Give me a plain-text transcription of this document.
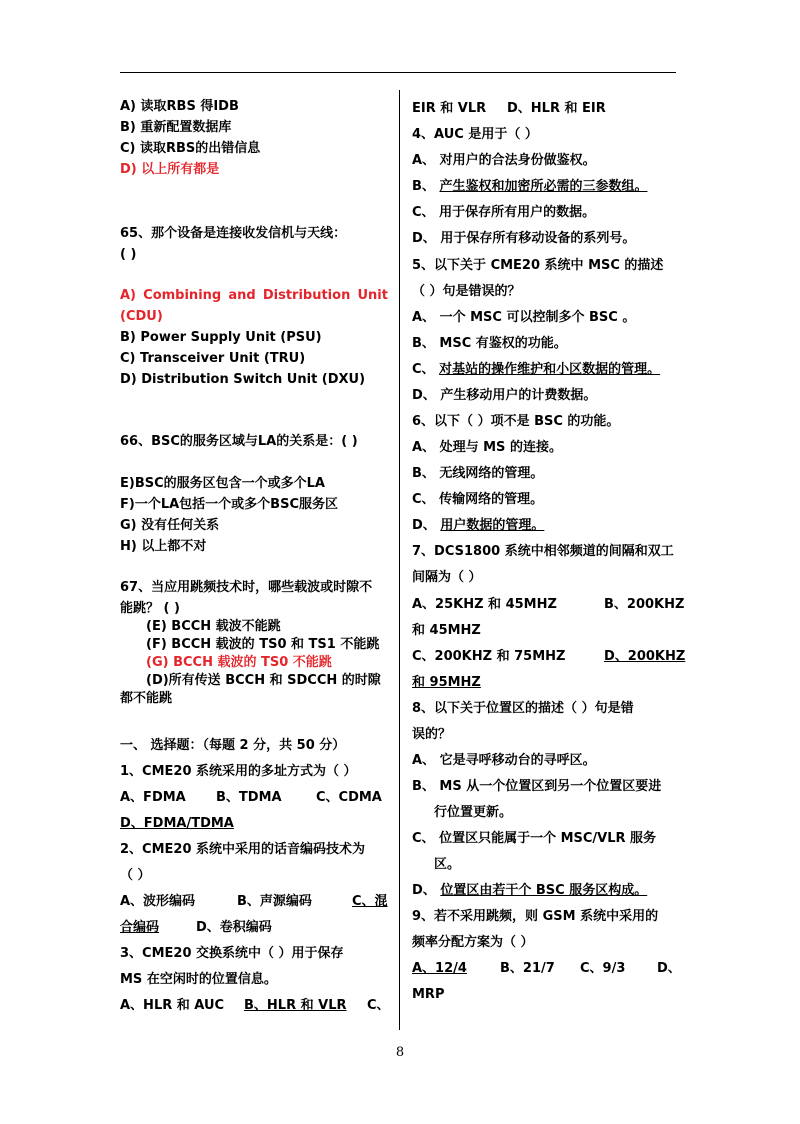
A) 读取RBS 得IDB
B) 重新配置数据库
C) 读取RBS的出错信息
D) 以上所有都是
65、那个设备是连接收发信机与天线：
( )
A) Combining and Distribution Unit
(CDU)
B) Power Supply Unit (PSU)
C) Transceiver Unit (TRU)
D) Distribution Switch Unit (DXU)
66、BSC的服务区域与LA的关系是：( )
E)BSC的服务区包含一个或多个LA
F)一个LA包括一个或多个BSC服务区
G) 没有任何关系
H) 以上都不对
67、当应用跳频技术时，哪些载波或时隙不
能跳？ ( )
(E) BCCH 载波不能跳
(F) BCCH 载波的 TS0 和 TS1 不能跳
(G) BCCH 载波的 TS0 不能跳
(D)所有传送 BCCH 和 SDCCH 的时隙
都不能跳
一、 选择题：（每题 2 分，共 50 分）
1、CME20 系统采用的多址方式为（ ）
A、FDMA B、TDMA	C、CDMA
D、FDMA/TDMA
2、CME20 系统中采用的话音编码技术为
（ ）
A、波形编码	B、声源编码	C、混
合编码	D、卷积编码
3、CME20 交换系统中（ ）用于保存
MS 在空闲时的位置信息。
A、HLR 和 AUC B、HLR 和 VLR C、
EIR 和 VLR D、HLR 和 EIR
4、AUC 是用于（ ）
A、 对用户的合法身份做鉴权。
B、 产生鉴权和加密所必需的三参数组。
C、 用于保存所有用户的数据。
D、 用于保存所有移动设备的系列号。
5、以下关于 CME20 系统中 MSC 的描述
（ ）句是错误的？
A、 一个 MSC 可以控制多个 BSC 。
B、 MSC 有鉴权的功能。
C、 对基站的操作维护和小区数据的管理。
D、 产生移动用户的计费数据。
6、以下（ ）项不是 BSC 的功能。
A、 处理与 MS 的连接。
B、 无线网络的管理。
C、 传输网络的管理。
D、 用户数据的管理。
7、DCS1800 系统中相邻频道的间隔和双工
间隔为（ ）
A、25KHZ 和 45MHZ	B、200KHZ
和 45MHZ
C、200KHZ 和 75MHZ	D、200KHZ
和 95MHZ
8、以下关于位置区的描述（ ）句是错
误的？
A、 它是寻呼移动台的寻呼区。
B、 MS 从一个位置区到另一个位置区要进
行位置更新。
C、 位置区只能属于一个 MSC/VLR 服务
区。
D、 位置区由若干个 BSC 服务区构成。
9、若不采用跳频，则 GSM 系统中采用的
频率分配方案为（ ）
A、12/4	B、21/7 C、9/3 D、
MRP
8
